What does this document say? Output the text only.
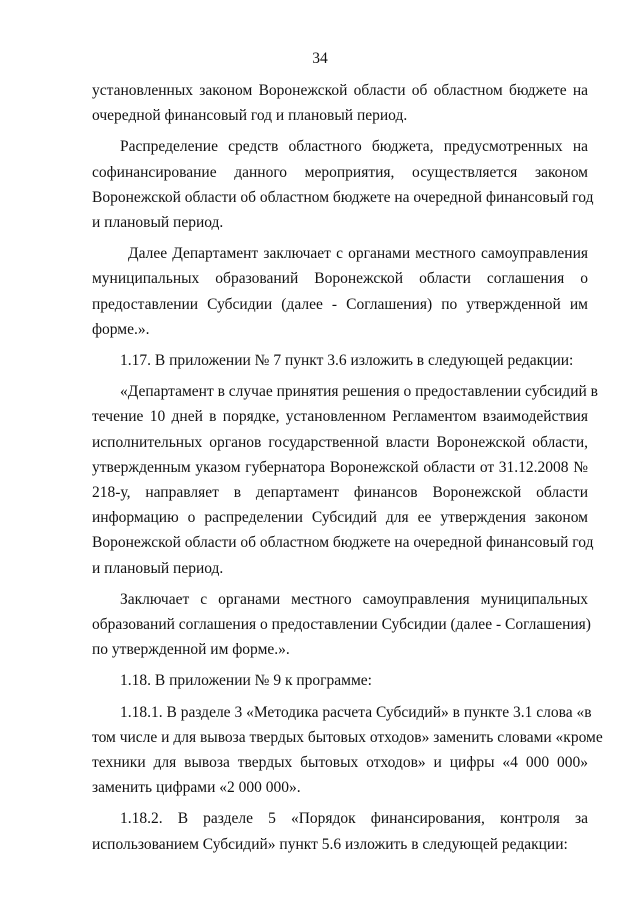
34
установленных законом Воронежской области об областном бюджете на
очередной финансовый год и плановый период.
Распределение средств областного бюджета, предусмотренных на
софинансирование данного мероприятия, осуществляется законом
Воронежской области об областном бюджете на очередной финансовый год
и плановый период.
Далее Департамент заключает с органами местного самоуправления
муниципальных образований Воронежской области соглашения о
предоставлении Субсидии (далее - Соглашения) по утвержденной им
форме.».
1.17. В приложении № 7 пункт 3.6 изложить в следующей редакции:
«Департамент в случае принятия решения о предоставлении субсидий в
течение 10 дней в порядке, установленном Регламентом взаимодействия
исполнительных органов государственной власти Воронежской области,
утвержденным указом губернатора Воронежской области от 31.12.2008 №
218-у, направляет в департамент финансов Воронежской области
информацию о распределении Субсидий для ее утверждения законом
Воронежской области об областном бюджете на очередной финансовый год
и плановый период.
Заключает с органами местного самоуправления муниципальных
образований соглашения о предоставлении Субсидии (далее - Соглашения)
по утвержденной им форме.».
1.18. В приложении № 9 к программе:
1.18.1. В разделе 3 «Методика расчета Субсидий» в пункте 3.1 слова «в
том числе и для вывоза твердых бытовых отходов» заменить словами «кроме
техники для вывоза твердых бытовых отходов» и цифры «4 000 000»
заменить цифрами «2 000 000».
1.18.2. В разделе 5 «Порядок финансирования, контроля за
использованием Субсидий» пункт 5.6 изложить в следующей редакции:
